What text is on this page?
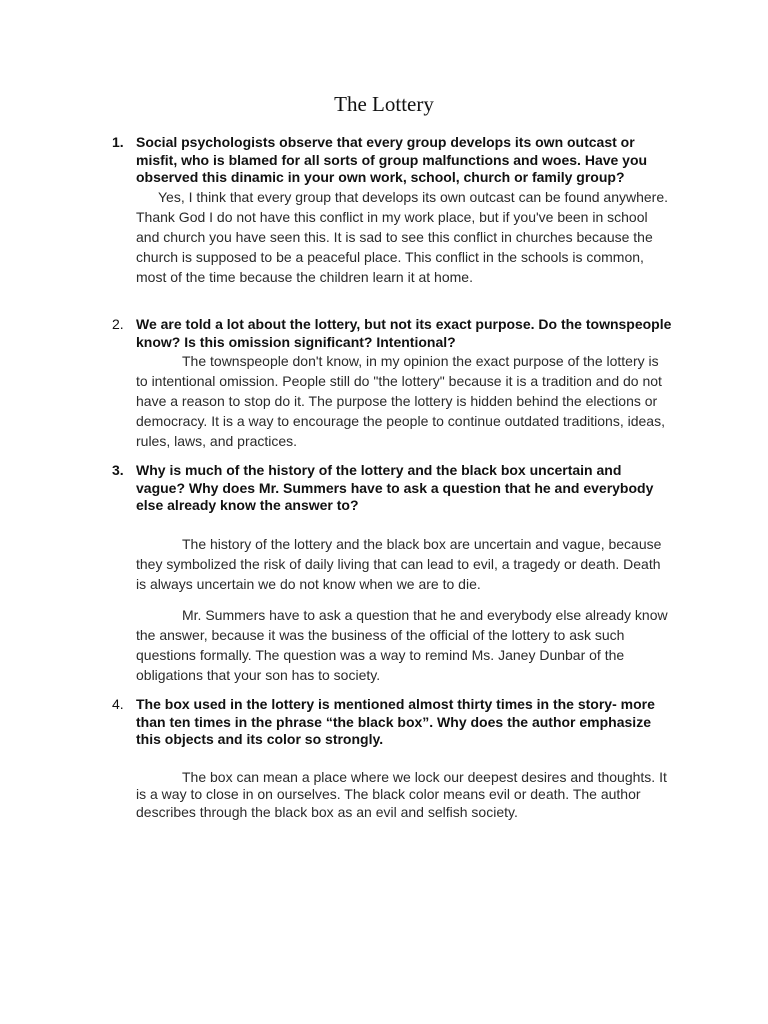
The Lottery
1. Social psychologists observe that every group develops its own outcast or misfit, who is blamed for all sorts of group malfunctions and woes. Have you observed this dinamic in your own work, school, church or family group?
Yes, I think that every group that develops its own outcast can be found anywhere. Thank God I do not have this conflict in my work place, but if you've been in school and church you have seen this. It is sad to see this conflict in churches because the church is supposed to be a peaceful place. This conflict in the schools is common, most of the time because the children learn it at home.
2. We are told a lot about the lottery, but not its exact purpose. Do the townspeople know? Is this omission significant? Intentional?
The townspeople don't know, in my opinion the exact purpose of the lottery is to intentional omission. People still do "the lottery" because it is a tradition and do not have a reason to stop do it. The purpose the lottery is hidden behind the elections or democracy. It is a way to encourage the people to continue outdated traditions, ideas, rules, laws, and practices.
3. Why is much of the history of the lottery and the black box uncertain and vague? Why does Mr. Summers have to ask a question that he and everybody else already know the answer to?
The history of the lottery and the black box are uncertain and vague, because they symbolized the risk of daily living that can lead to evil, a tragedy or death. Death is always uncertain we do not know when we are to die.
Mr. Summers have to ask a question that he and everybody else already know the answer, because it was the business of the official of the lottery to ask such questions formally. The question was a way to remind Ms. Janey Dunbar of the obligations that your son has to society.
4. The box used in the lottery is mentioned almost thirty times in the story- more than ten times in the phrase “the black box”. Why does the author emphasize this objects and its color so strongly.
The box can mean a place where we lock our deepest desires and thoughts. It is a way to close in on ourselves. The black color means evil or death. The author describes through the black box as an evil and selfish society.
